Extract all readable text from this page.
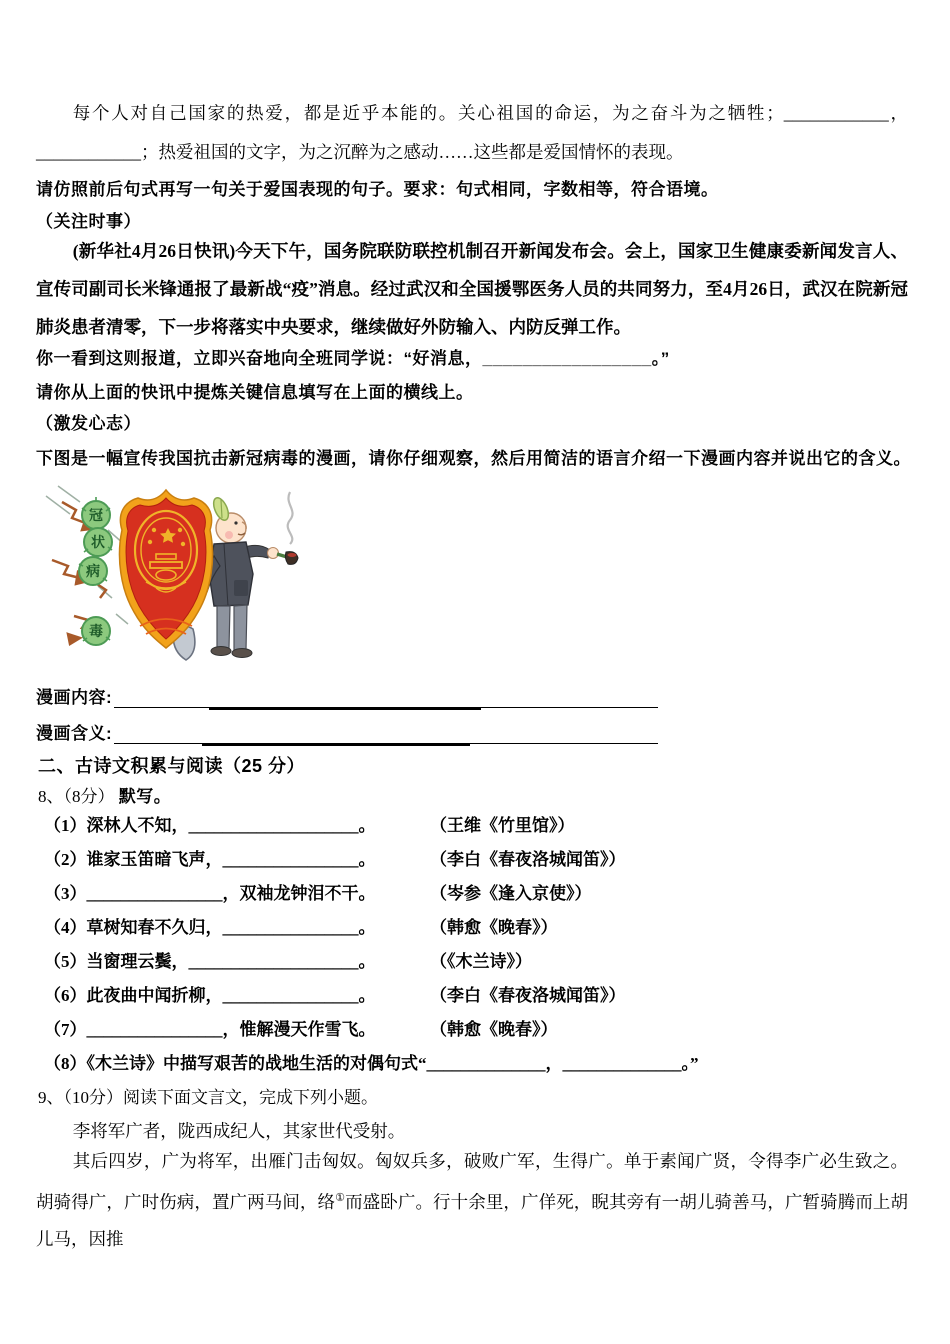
每个人对自己国家的热爱，都是近乎本能的。关心祖国的命运，为之奋斗为之牺牲；____________，____________；热爱祖国的文字，为之沉醉为之感动……这些都是爱国情怀的表现。

请仿照前后句式再写一句关于爱国表现的句子。要求：句式相同，字数相等，符合语境。

（关注时事）

(新华社4月26日快讯)今天下午，国务院联防联控机制召开新闻发布会。会上，国家卫生健康委新闻发言人、宣传司副司长米锋通报了最新战“疫”消息。经过武汉和全国援鄂医务人员的共同努力，至4月26日，武汉在院新冠肺炎患者清零，下一步将落实中央要求，继续做好外防输入、内防反弹工作。

你一看到这则报道，立即兴奋地向全班同学说：“好消息，_________________。”

请你从上面的快讯中提炼关键信息填写在上面的横线上。

（激发心志）

下图是一幅宣传我国抗击新冠病毒的漫画，请你仔细观察，然后用简洁的语言介绍一下漫画内容并说出它的含义。

冠
状
病
毒
漫画内容:
漫画含义:

二、古诗文积累与阅读（25 分）

8、（8分） 默写。

（1）深林人不知，____________________。	（王维《竹里馆》）
（2）谁家玉笛暗飞声，________________。	（李白《春夜洛城闻笛》）
（3）________________，双袖龙钟泪不干。	（岑参《逢入京使》）
（4）草树知春不久归，________________。	（韩愈《晚春》）
（5）当窗理云鬓，____________________。	（《木兰诗》）
（6）此夜曲中闻折柳，________________。	（李白《春夜洛城闻笛》）
（7）________________，惟解漫天作雪飞。	（韩愈《晚春》）
（8）《木兰诗》中描写艰苦的战地生活的对偶句式“______________，______________。”

9、（10分）阅读下面文言文，完成下列小题。

李将军广者，陇西成纪人，其家世代受射。

其后四岁，广为将军，出雁门击匈奴。匈奴兵多，破败广军，生得广。单于素闻广贤，令得李广必生致之。胡骑得广，广时伤病，置广两马间，络①而盛卧广。行十余里，广佯死，睨其旁有一胡儿骑善马，广暂骑腾而上胡儿马，因推
